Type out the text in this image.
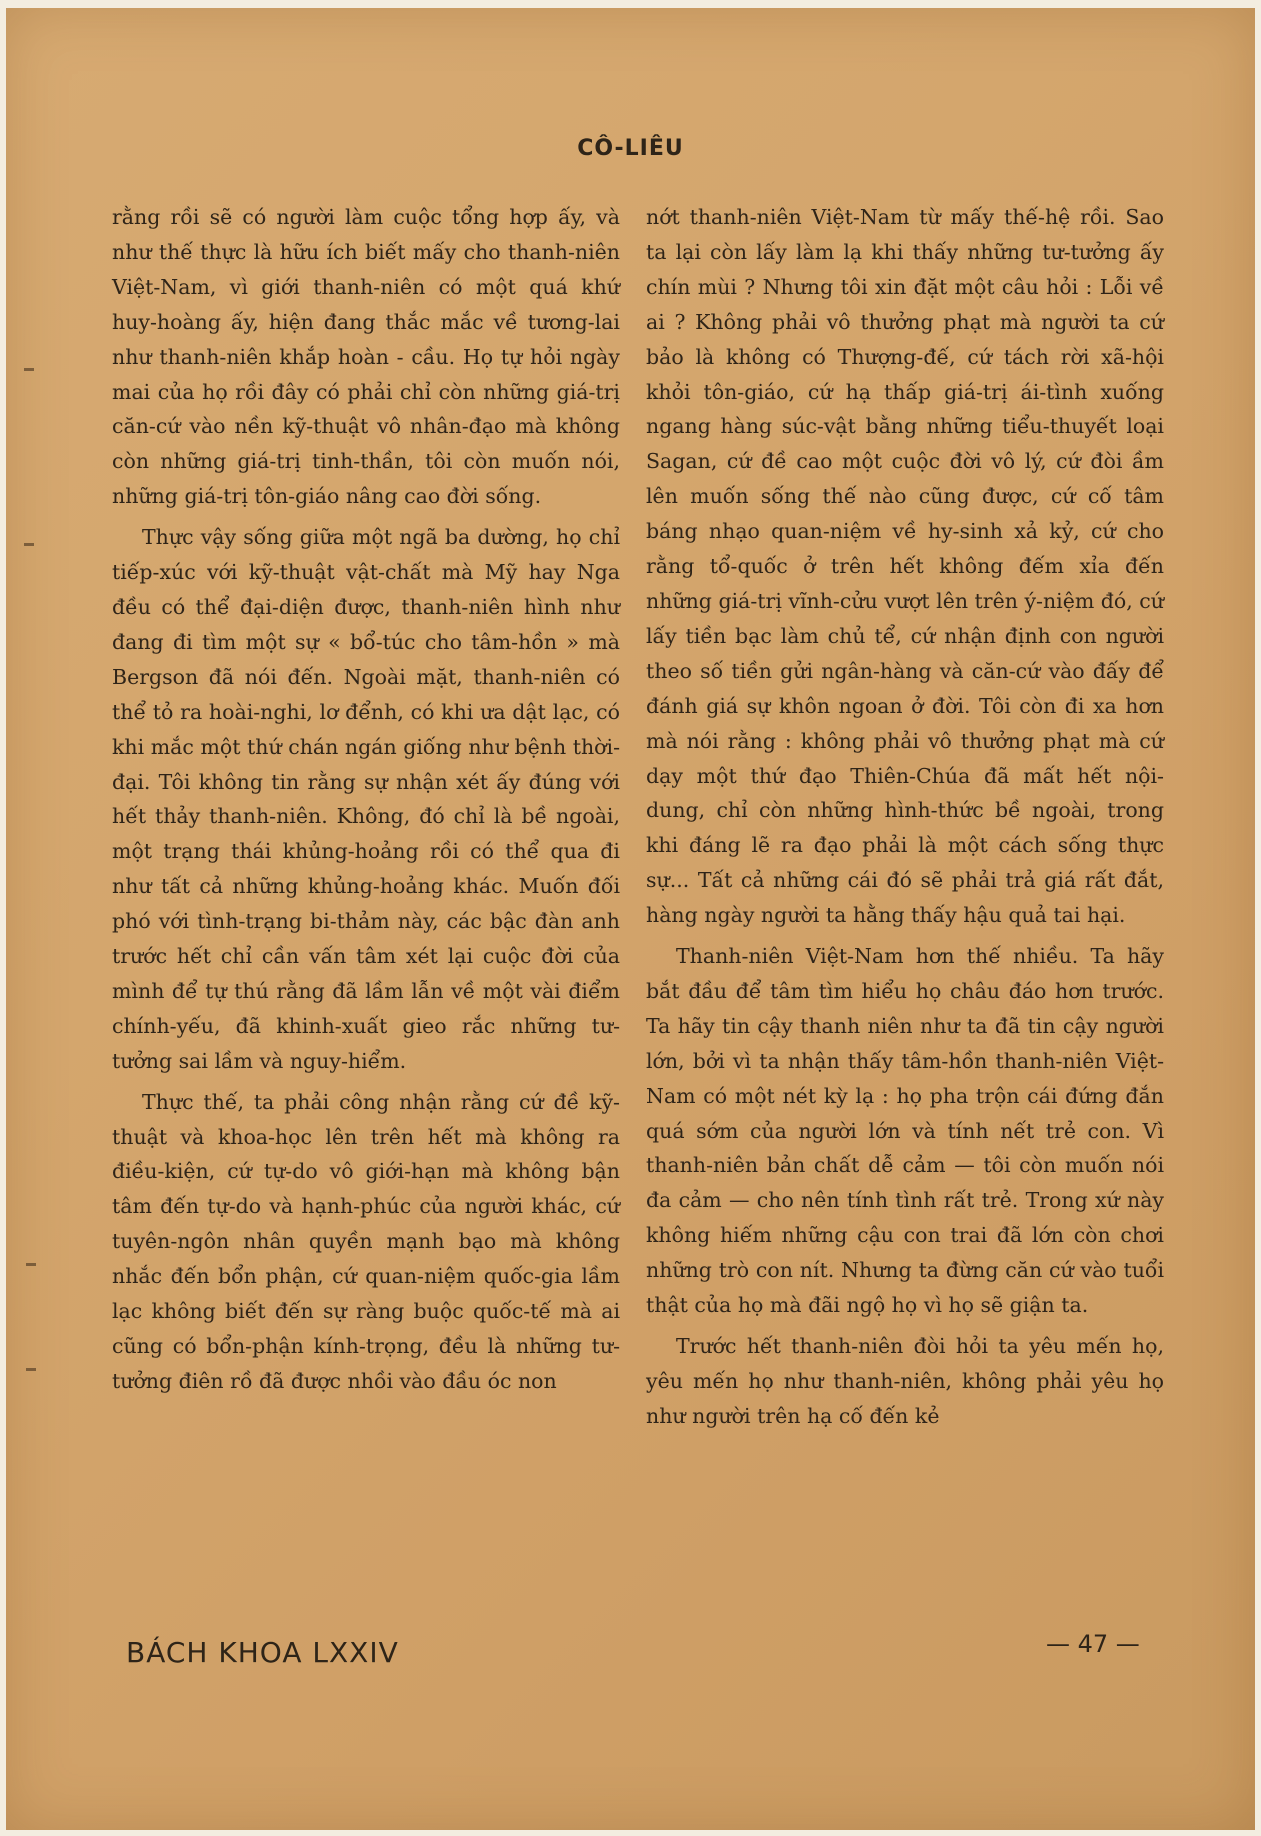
CÔ-LIÊU

rằng rồi sẽ có người làm cuộc tổng hợp ấy, và như thế thực là hữu ích biết mấy cho thanh-niên Việt-Nam, vì giới thanh-niên có một quá khứ huy-hoàng ấy, hiện đang thắc mắc về tương-lai như thanh-niên khắp hoàn - cầu. Họ tự hỏi ngày mai của họ rồi đây có phải chỉ còn những giá-trị căn-cứ vào nền kỹ-thuật vô nhân-đạo mà không còn những giá-trị tinh-thần, tôi còn muốn nói, những giá-trị tôn-giáo nâng cao đời sống.

Thực vậy sống giữa một ngã ba dường, họ chỉ tiếp-xúc với kỹ-thuật vật-chất mà Mỹ hay Nga đều có thể đại-diện được, thanh-niên hình như đang đi tìm một sự « bổ-túc cho tâm-hồn » mà Bergson đã nói đến. Ngoài mặt, thanh-niên có thể tỏ ra hoài-nghi, lơ đểnh, có khi ưa dật lạc, có khi mắc một thứ chán ngán giống như bệnh thời-đại. Tôi không tin rằng sự nhận xét ấy đúng với hết thảy thanh-niên. Không, đó chỉ là bề ngoài, một trạng thái khủng-hoảng rồi có thể qua đi như tất cả những khủng-hoảng khác. Muốn đối phó với tình-trạng bi-thảm này, các bậc đàn anh trước hết chỉ cần vấn tâm xét lại cuộc đời của mình để tự thú rằng đã lầm lẫn về một vài điểm chính-yếu, đã khinh-xuất gieo rắc những tư-tưởng sai lầm và nguy-hiểm.

Thực thế, ta phải công nhận rằng cứ đề kỹ-thuật và khoa-học lên trên hết mà không ra điều-kiện, cứ tự-do vô giới-hạn mà không bận tâm đến tự-do và hạnh-phúc của người khác, cứ tuyên-ngôn nhân quyền mạnh bạo mà không nhắc đến bổn phận, cứ quan-niệm quốc-gia lầm lạc không biết đến sự ràng buộc quốc-tế mà ai cũng có bổn-phận kính-trọng, đều là những tư-tưởng điên rồ đã được nhồi vào đầu óc non

nớt thanh-niên Việt-Nam từ mấy thế-hệ rồi. Sao ta lại còn lấy làm lạ khi thấy những tư-tưởng ấy chín mùi ? Nhưng tôi xin đặt một câu hỏi : Lỗi về ai ? Không phải vô thưởng phạt mà người ta cứ bảo là không có Thượng-đế, cứ tách rời xã-hội khỏi tôn-giáo, cứ hạ thấp giá-trị ái-tình xuống ngang hàng súc-vật bằng những tiểu-thuyết loại Sagan, cứ đề cao một cuộc đời vô lý, cứ đòi ầm lên muốn sống thế nào cũng được, cứ cố tâm báng nhạo quan-niệm về hy-sinh xả kỷ, cứ cho rằng tổ-quốc ở trên hết không đếm xỉa đến những giá-trị vĩnh-cửu vượt lên trên ý-niệm đó, cứ lấy tiền bạc làm chủ tể, cứ nhận định con người theo số tiền gửi ngân-hàng và căn-cứ vào đấy để đánh giá sự khôn ngoan ở đời. Tôi còn đi xa hơn mà nói rằng : không phải vô thưởng phạt mà cứ dạy một thứ đạo Thiên-Chúa đã mất hết nội-dung, chỉ còn những hình-thức bề ngoài, trong khi đáng lẽ ra đạo phải là một cách sống thực sự... Tất cả những cái đó sẽ phải trả giá rất đắt, hàng ngày người ta hằng thấy hậu quả tai hại.

Thanh-niên Việt-Nam hơn thế nhiều. Ta hãy bắt đầu để tâm tìm hiểu họ châu đáo hơn trước. Ta hãy tin cậy thanh niên như ta đã tin cậy người lớn, bởi vì ta nhận thấy tâm-hồn thanh-niên Việt-Nam có một nét kỳ lạ : họ pha trộn cái đứng đắn quá sớm của người lớn và tính nết trẻ con. Vì thanh-niên bản chất dễ cảm — tôi còn muốn nói đa cảm — cho nên tính tình rất trẻ. Trong xứ này không hiếm những cậu con trai đã lớn còn chơi những trò con nít. Nhưng ta đừng căn cứ vào tuổi thật của họ mà đãi ngộ họ vì họ sẽ giận ta.

Trước hết thanh-niên đòi hỏi ta yêu mến họ, yêu mến họ như thanh-niên, không phải yêu họ như người trên hạ cố đến kẻ

BÁCH KHOA LXXIV	— 47 —
